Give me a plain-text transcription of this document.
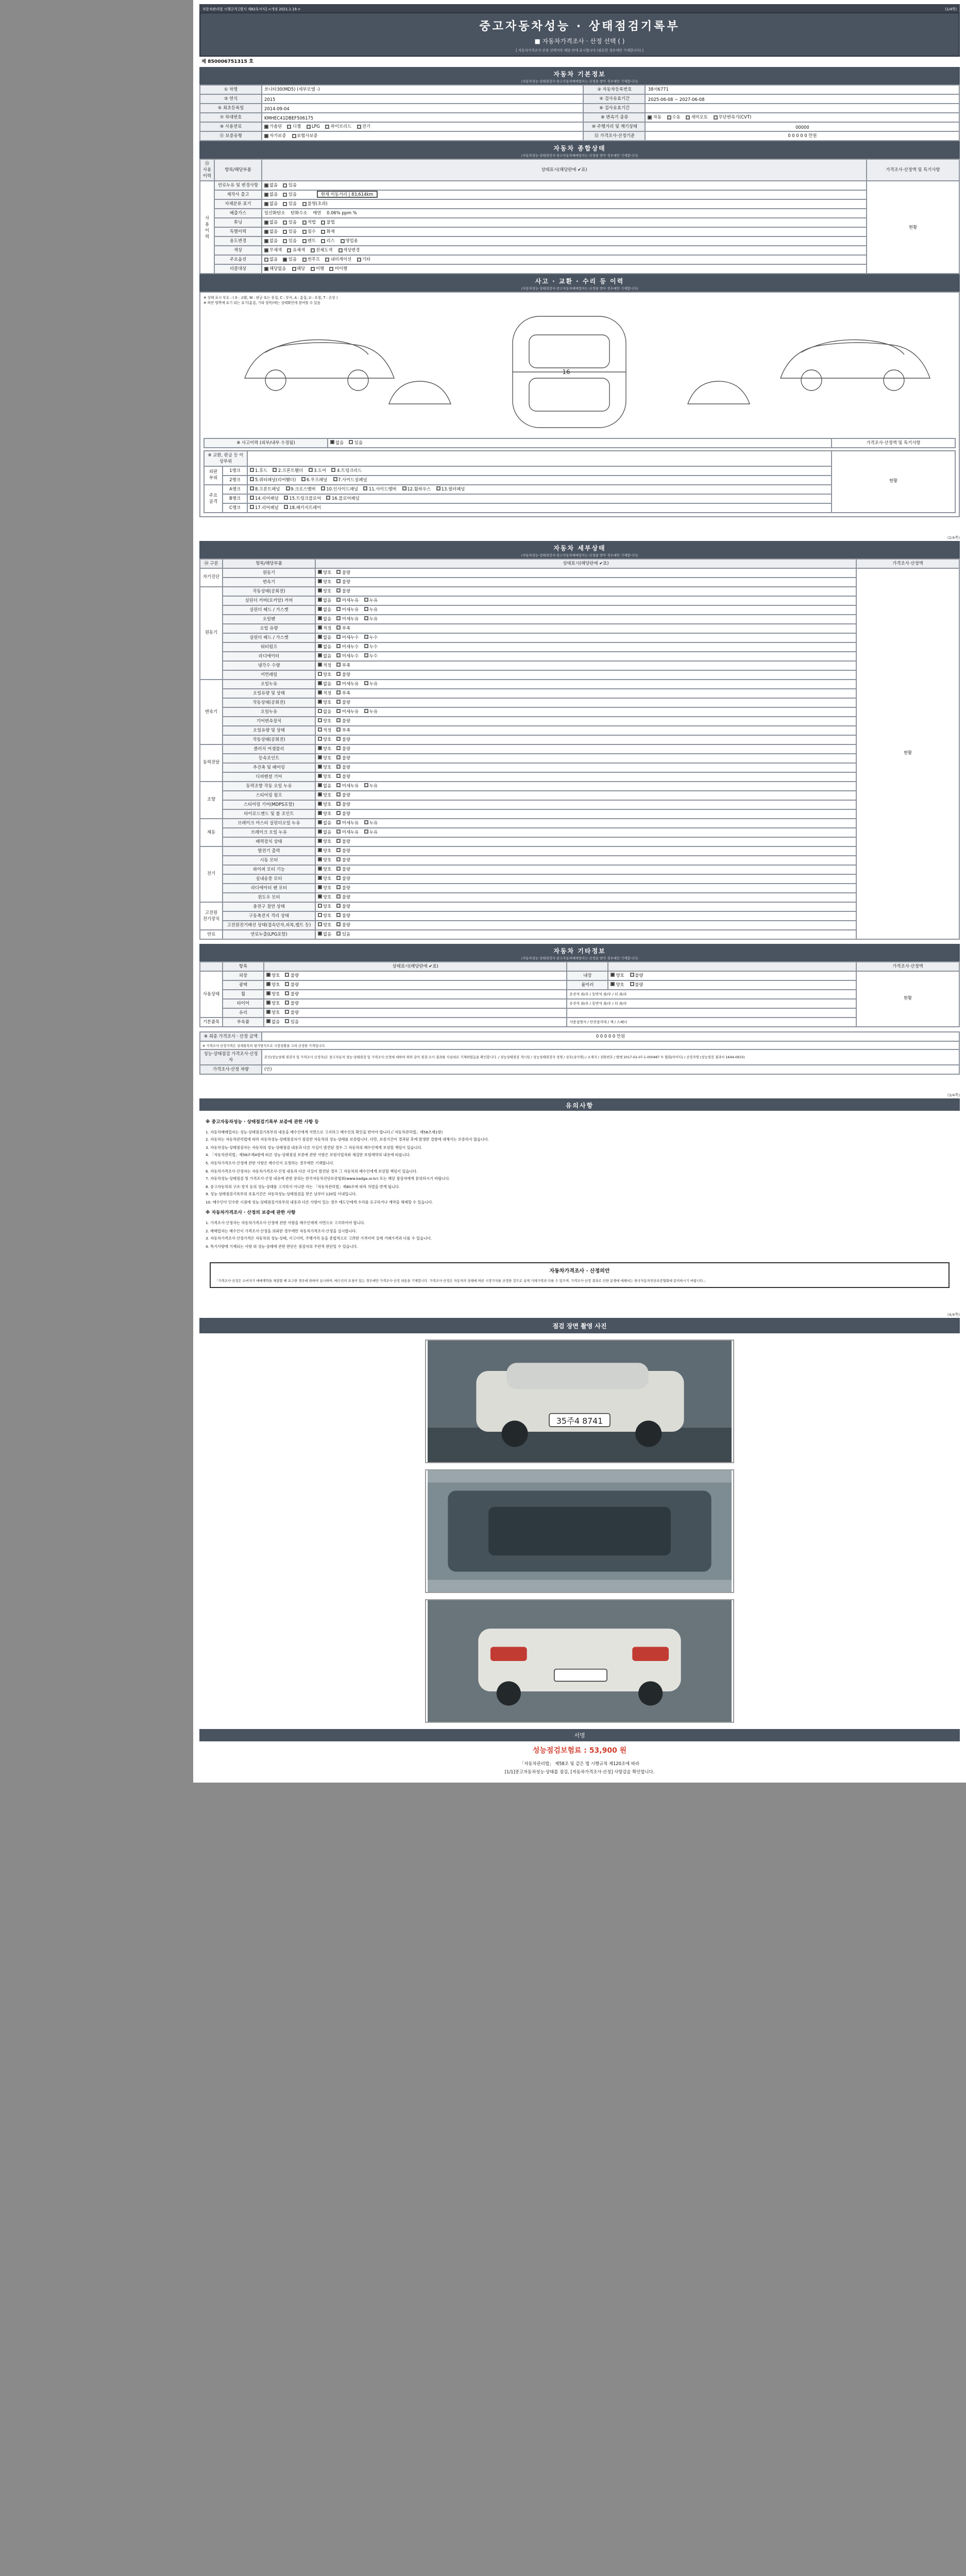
자동차관리법 시행규칙 [별지 제82호서식] <개정 2021.1.19.>	(1/4쪽)
중고자동차성능 · 상태점검기록부
■ 자동차가격조사 · 산정 선택 ( )
[ 자동차가격조사·산정 선택여부 해당 란에 표시합니다 (필요한 경우에만 기재합니다) ]
제 850006751315 호
자동차 기본정보
(자동차성능·상태점검자·중고자동차매매업자는·산정을 받아 경우에만 기재합니다)
① 차명	쏘나타30(MD5) (세부모델 -)	② 자동차등록번호	38서6771
③ 연식	2015	④ 검사유효기간	2025-06-08 ~ 2027-06-08
⑤ 최초등록일	2014-09-04	⑥ 검사유효기간	
⑦ 차대번호	KMHEC41DBEF506175	⑧ 변속기 종류	자동 수동 세미오토 무단변속기(CVT)
⑨ 사용연료	가솔린 디젤 LPG 하이브리드 전기	⑩ 주행거리 및 계기상태	00000
⑪ 보증유형	자가보증 보험사보증	⑫ 가격조사·산정기준	0 0 0 0 0 만원
자동차 종합상태
(자동차성능·상태점검자·중고자동차매매업자는·산정을 받아 경우에만 기재합니다)
⑬ 사용이력	항목/해당부품	상태표시(해당란에 ✔표)	가격조사·산정액 및 특기사항
사
용
이
력	연료누유 및 변경사항	없음 있음	현황
	제작사 출고	없음 있음 현재 이동거리 | 83,614km	
	자체분류 표기	없음 있음 불명(초과)	
	배출가스	일산화탄소 탄화수소 매연 0.06% ppm %	
	튜닝	없음 있음 적법 불법	
	특별이력	없음 있음 침수 화재	
	용도변경	없음 있음 렌트 리스 영업용	
	색상	무채색 유채색 전체도색 색상변경	
	주요옵션	없음 있음 썬루프 내비게이션 기타	
	리콜대상	해당없음 해당 이행 미이행	
사고 · 교환 · 수리 등 이력
(자동차성능·상태점검자·중고자동차매매업자는·산정을 받아 경우에만 기재합니다)
※ 상태 표시 부호 : ( X : 교환, W : 판금 또는 용접, C : 부식, A : 흠집, U : 요철, T : 손상 )
※ 하단 양쪽에 표기 되는 표기(흠집, 기타 항목)에는 상태확인에 참여할 수 있음
16
※ 사고이력 (외부/내부 수정됨)	없음	있음	가격조사·산정액 및 특기사항
※ 교환, 판금 등 이상부위			현황
외판
부위	1랭크	1.후드 2.프론트휀더 3.도어 4.트렁크리드	
	2랭크	5.쿼터패널(리어휀더) 6.루프패널 7.사이드실패널	
주요
골격	A랭크	8.프론트패널 9.크로스멤버 10.인사이드패널 11.사이드멤버 12.휠하우스 13.필러패널	
	B랭크	14.리어패널 15.트렁크플로어 16.플로어패널	
	C랭크	17.리어패널 18.패키지트레이	
(2/4쪽)
자동차 세부상태
(자동차성능·상태점검자·중고자동차매매업자는·산정을 받아 경우에만 기재합니다)
⑭ 구분	항목/해당부품	상태표시(해당란에 ✔표)	가격조사·산정액
자기진단	원동기	양호 불량	현황
	변속기	양호 불량	
원동기	작동상태(공회전)	양호 불량	
	실린더 커버(로커암) 커버	없음 미세누유 누유	
	실린더 헤드 / 가스켓	없음 미세누유 누유	
	오일팬	없음 미세누유 누유	
	오일 유량	적정 부족	
	실린더 헤드 / 가스켓	없음 미세누수 누수	
	워터펌프	없음 미세누수 누수	
	라디에이터	없음 미세누수 누수	
	냉각수 수량	적정 부족	
	커먼레일	양호 불량	
변속기	오일누유	없음 미세누유 누유	
	오일유량 및 상태	적정 부족	
	작동상태(공회전)	양호 불량	
	오일누유	없음 미세누유 누유	
	기어변속장치	양호 불량	
	오일유량 및 상태	적정 부족	
	작동상태(공회전)	양호 불량	
동력전달	클러치 어셈블리	양호 불량	
	등속조인트	양호 불량	
	추진축 및 베어링	양호 불량	
	디퍼렌셜 기어	양호 불량	
조향	동력조향 작동 오일 누유	없음 미세누유 누유	
	스티어링 펌프	양호 불량	
	스티어링 기어(MDPS포함)	양호 불량	
	타이로드엔드 및 볼 조인트	양호 불량	
제동	브레이크 마스터 실린더오일 누유	없음 미세누유 누유	
	브레이크 오일 누유	없음 미세누유 누유	
	배력장치 상태	양호 불량	
전기	발전기 출력	양호 불량	
	시동 모터	양호 불량	
	와이퍼 모터 기능	양호 불량	
	실내송풍 모터	양호 불량	
	라디에이터 팬 모터	양호 불량	
	윈도우 모터	양호 불량	
고전원
전기장치	충전구 절연 상태	양호 불량	
	구동축전지 격리 상태	양호 불량	
	고전원전기배선 상태(접속단자,피복,벨트 등)	양호 불량	
연료	연료누출(LPG포함)	없음 있음	
자동차 기타정보
(자동차성능·상태점검자·중고자동차매매업자는·산정을 받아 경우에만 기재합니다)
	항목	상태표시(해당란에 ✔표)			가격조사·산정액
사용상태	외장	양호 불량	내장	양호 불량	현황
	광택	양호 불량	룸미러	양호 불량	
	휠	양호 불량	운전석 좌/우 / 동반석 좌/우 / 뒤 좌/우		
	타이어	양호 불량	운전석 좌/우 / 동반석 좌/우 / 뒤 좌/우		
	유리	양호 불량			
기본품목	부속품	없음 있음	사용설명서 / 안전삼각대 / 잭 / 스패너		
※ 최종 가격조사 · 산정 금액	0 0 0 0 0 만원
※ 가격조사·산정가격은 상세항목의 평가방식으로 시장상황을 고려 산정한 가격입니다.	
성능·상태점검 가격조사·산정자	본인(성능상태 점검자 및 가격조사 산정자)은 중고자동차 성능·상태점검 및 가격조사·산정에 대하여 위와 같이 점검·조사 결과를 사실대로 기재하였음을 확인합니다. / 성능상태점검 개시일 / 성능상태점검자 성명 / 상호(상사명) / 소재지 / 전화번호 / 발행 2017-02-07-1-000487 ① 협회(아이디) / 산정자명 (성능점검 결과서 1644-0933)
가격조사·산정 차량	(인)
(3/4쪽)
유의사항
※ 중고자동차성능 · 상태점검기록부 보증에 관한 사항 등

1. 자동차매매업자는 성능·상태점검기록부의 내용을 매수인에게 서면으로 고지하고 매수인의 확인을 받아야 합니다.(「자동차관리법」제58조제1항)

2. 자동차는 자동차관리법에 따라 자동차성능·상태점검자가 점검한 자동차의 성능·상태를 보증합니다. 다만, 보증기간이 경과된 후에 발생한 결함에 대해서는 보증하지 않습니다.

3. 자동차성능·상태점검자는 자동차의 성능·상태점검 내용과 다른 사실이 발견된 경우 그 자동차의 매수인에게 보상할 책임이 있습니다.

4. 「자동차관리법」제58조제4항에 따른 성능·상태점검 보증에 관한 사항은 보험사업자와 체결한 보험계약의 내용에 따릅니다.

5. 자동차가격조사·산정에 관한 사항은 매수인이 요청하는 경우에만 기재합니다.

6. 자동차가격조사·산정자는 자동차가격조사·산정 내용과 다른 사실이 발견된 경우 그 자동차의 매수인에게 보상할 책임이 있습니다.

7. 자동차성능·상태점검 및 가격조사·산정 내용에 관한 문의는 한국자동차진단보증협회(www.kadga.or.kr) 또는 해당 점검자에게 문의하시기 바랍니다.

8. 중고자동차의 구조·장치 등의 성능·상태를 고지하지 아니한 자는 「자동차관리법」제80조에 따라 처벌을 받게 됩니다.

9. 성능·상태점검기록부의 유효기간은 자동차성능·상태점검을 받은 날부터 120일 이내입니다.

10. 매수인이 인수한 시점에 성능·상태점검기록부의 내용과 다른 사항이 있는 경우 매도인에게 수리를 요구하거나 계약을 해제할 수 있습니다.

※ 자동차가격조사 · 산정의 보증에 관한 사항

1. 가격조사·산정자는 자동차가격조사·산정에 관한 사항을 매수인에게 서면으로 고지하여야 합니다.

2. 매매업자는 매수인이 가격조사·산정을 의뢰한 경우에만 자동차가격조사·산정을 실시합니다.

3. 자동차가격조사·산정가격은 자동차의 성능·상태, 사고이력, 주행거리 등을 종합적으로 고려한 가격이며 실제 거래가격과 다를 수 있습니다.

4. 특기사항에 기재되는 사항 외 성능·상태에 관한 판단은 점검자의 주관적 판단일 수 있습니다.

자동차가격조사 · 산정의안
「가격조사·산정은 소비자가 매매계약을 체결할 때 요구한 경우에 한하여 실시하며, 매수인의 요청이 있는 경우에만 가격조사·산정 내용을 기재합니다. 가격조사·산정은 자동차의 상태에 따른 시장가치를 산정한 것으로 실제 거래가격과 다를 수 있으며, 가격조사·산정 결과로 인한 분쟁에 대해서는 한국자동차진단보증협회에 문의하시기 바랍니다.」
(4/4쪽)
점검 장면 촬영 사진
35주4 8741
서명
성능점검보험료 : 53,900 원
「자동차관리법」 제58조 및 같은 법 시행규칙 제120조에 따라
[1/1]중고자동차성능·상태를 점검, [자동차가격조사·산정] 사항감을 확인합니다.
